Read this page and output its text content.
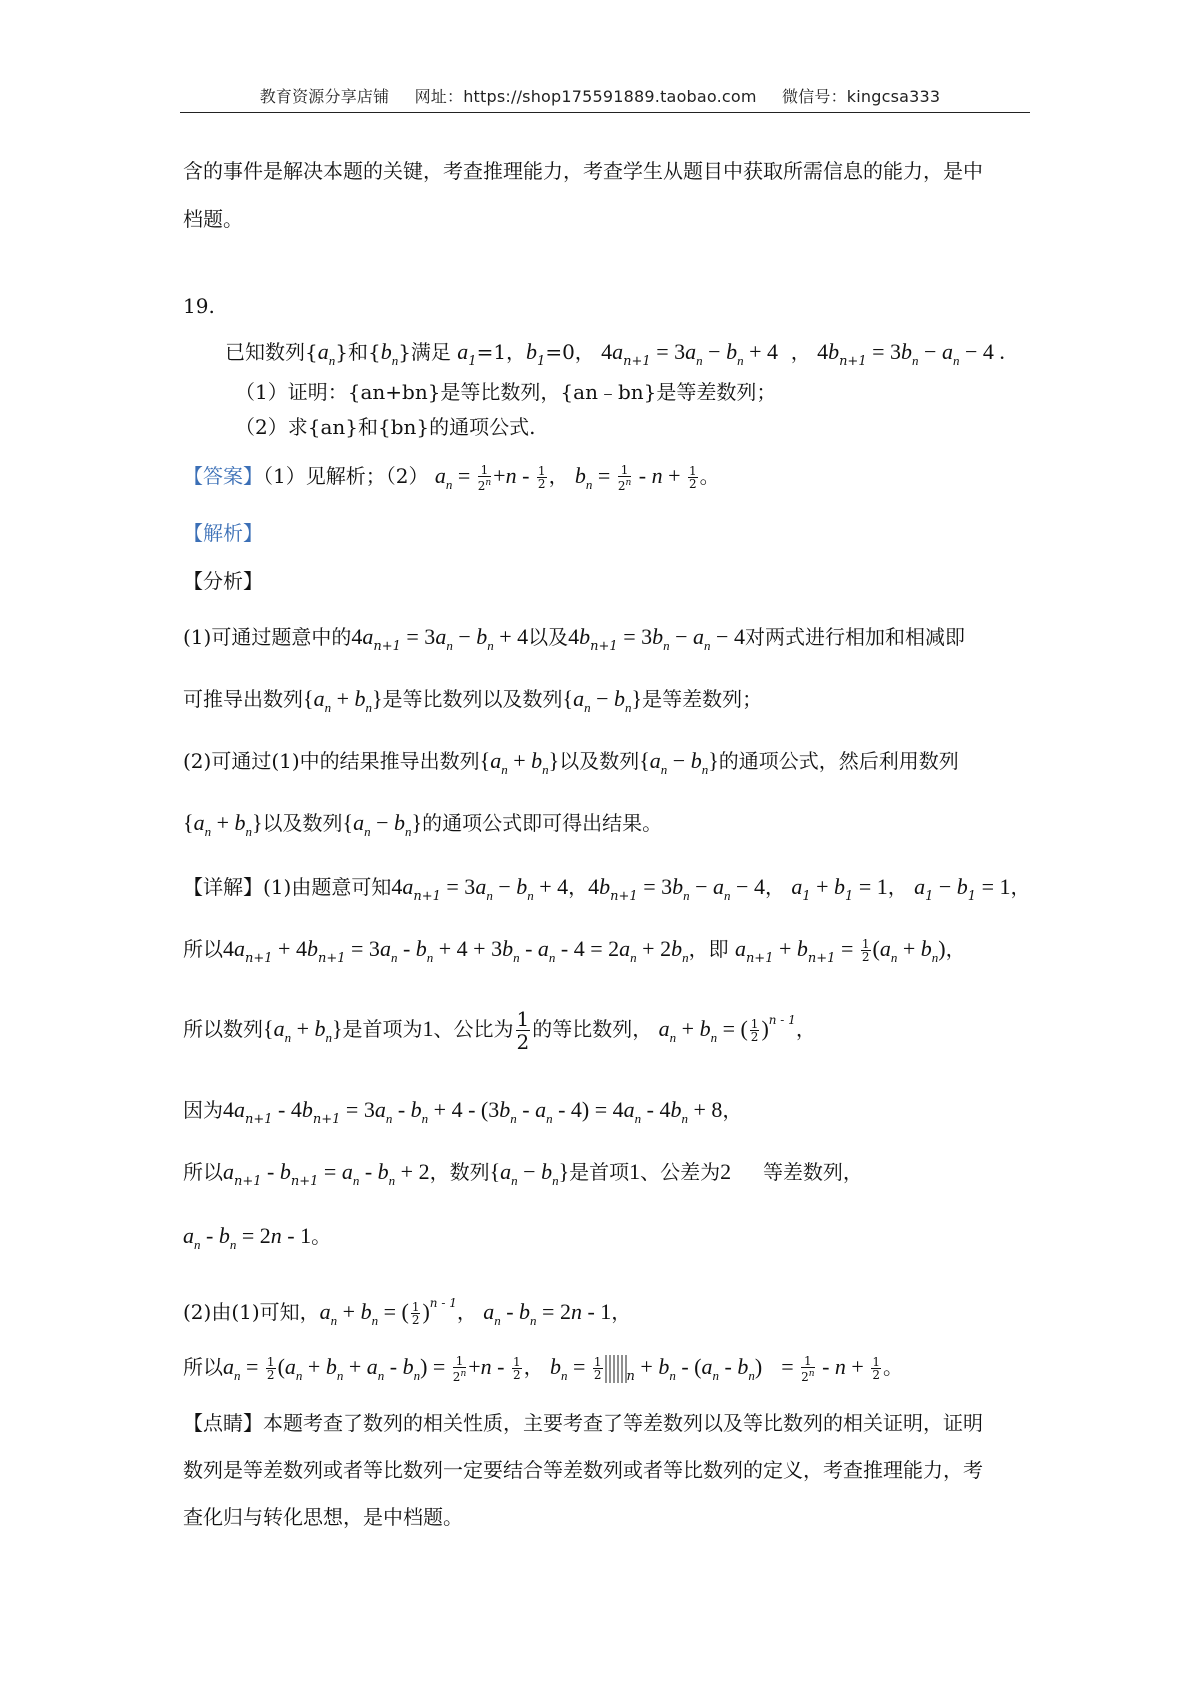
教育资源分享店铺 网址：https://shop175591889.taobao.com 微信号：kingcsa333
含的事件是解决本题的关键，考查推理能力，考查学生从题目中获取所需信息的能力，是中
档题。
19.
已知数列$\{a_n\}$和$\{b_n\}$满足 $a_1=1$，$b_1=0$， $4a_{n+1} = 3a_n - b_n + 4$  ， $4b_{n+1} = 3b_n - a_n - 4$ .
（1）证明：{an+bn}是等比数列，{an﹣bn}是等差数列；
（2）求{an}和{bn}的通项公式.
【答案】（1）见解析；（2） $a_n = \frac{1}{2^n} +n - \frac{1}{2}$ ， $b_n = \frac{1}{2^n} - n + \frac{1}{2}$ 。
【解析】
【分析】
(1)可通过题意中的$4a_{n+1} = 3a_n - b_n + 4$以及$4b_{n+1} = 3b_n - a_n - 4$对两式进行相加和相减即
可推导出数列$\{a_n + b_n\}$是等比数列以及数列$\{a_n - b_n\}$是等差数列；
(2)可通过(1)中的结果推导出数列$\{a_n + b_n\}$以及数列$\{a_n - b_n\}$的通项公式，然后利用数列
$\{a_n + b_n\}$以及数列$\{a_n - b_n\}$的通项公式即可得出结果。
【详解】(1)由题意可知$4a_{n+1} = 3a_n - b_n + 4$，$4b_{n+1} = 3b_n - a_n - 4$， $a_1 + b_1 = 1$， $a_1 - b_1 = 1$，
所以$4a_{n+1} + 4b_{n+1} = 3a_n - b_n + 4 + 3b_n - a_n - 4 = 2a_n + 2b_n$，即 $a_{n+1} + b_{n+1} = \frac{1}{2} (a_n + b_n)$，
所以数列$\{a_n + b_n\}$是首项为1、公比为 $\frac{1}{2}$ 的等比数列， $a_n + b_n$ = ( $\frac{1}{2} )^{n - 1}$，
因为$4a_{n+1} - 4b_{n+1} = 3a_n - b_n + 4 - (3b_n - a_n - 4) = 4a_n - 4b_n + 8$，
所以$a_{n+1} - b_{n+1} = a_n - b_n + 2$，数列$\{a_n - b_n\}$是首项1、公差为2 等差数列，
$a_n - b_n = 2n - 1$。
(2)由(1)可知，$a_n + b_n$ = ( $\frac{1}{2} )^{n - 1}$， $a_n - b_n = 2n - 1$，
所以$a_n = \frac{1}{2} (a_n + b_n + a_n - b_n) = \frac{1}{2^n} +n - \frac{1}{2}$ ， $b_n = \frac{1}{2} _n + b_n - (a_n - b_n) = \frac{1}{2^n} - n + \frac{1}{2}$ 。
【点睛】本题考查了数列的相关性质，主要考查了等差数列以及等比数列的相关证明，证明
数列是等差数列或者等比数列一定要结合等差数列或者等比数列的定义，考查推理能力，考
查化归与转化思想，是中档题。
